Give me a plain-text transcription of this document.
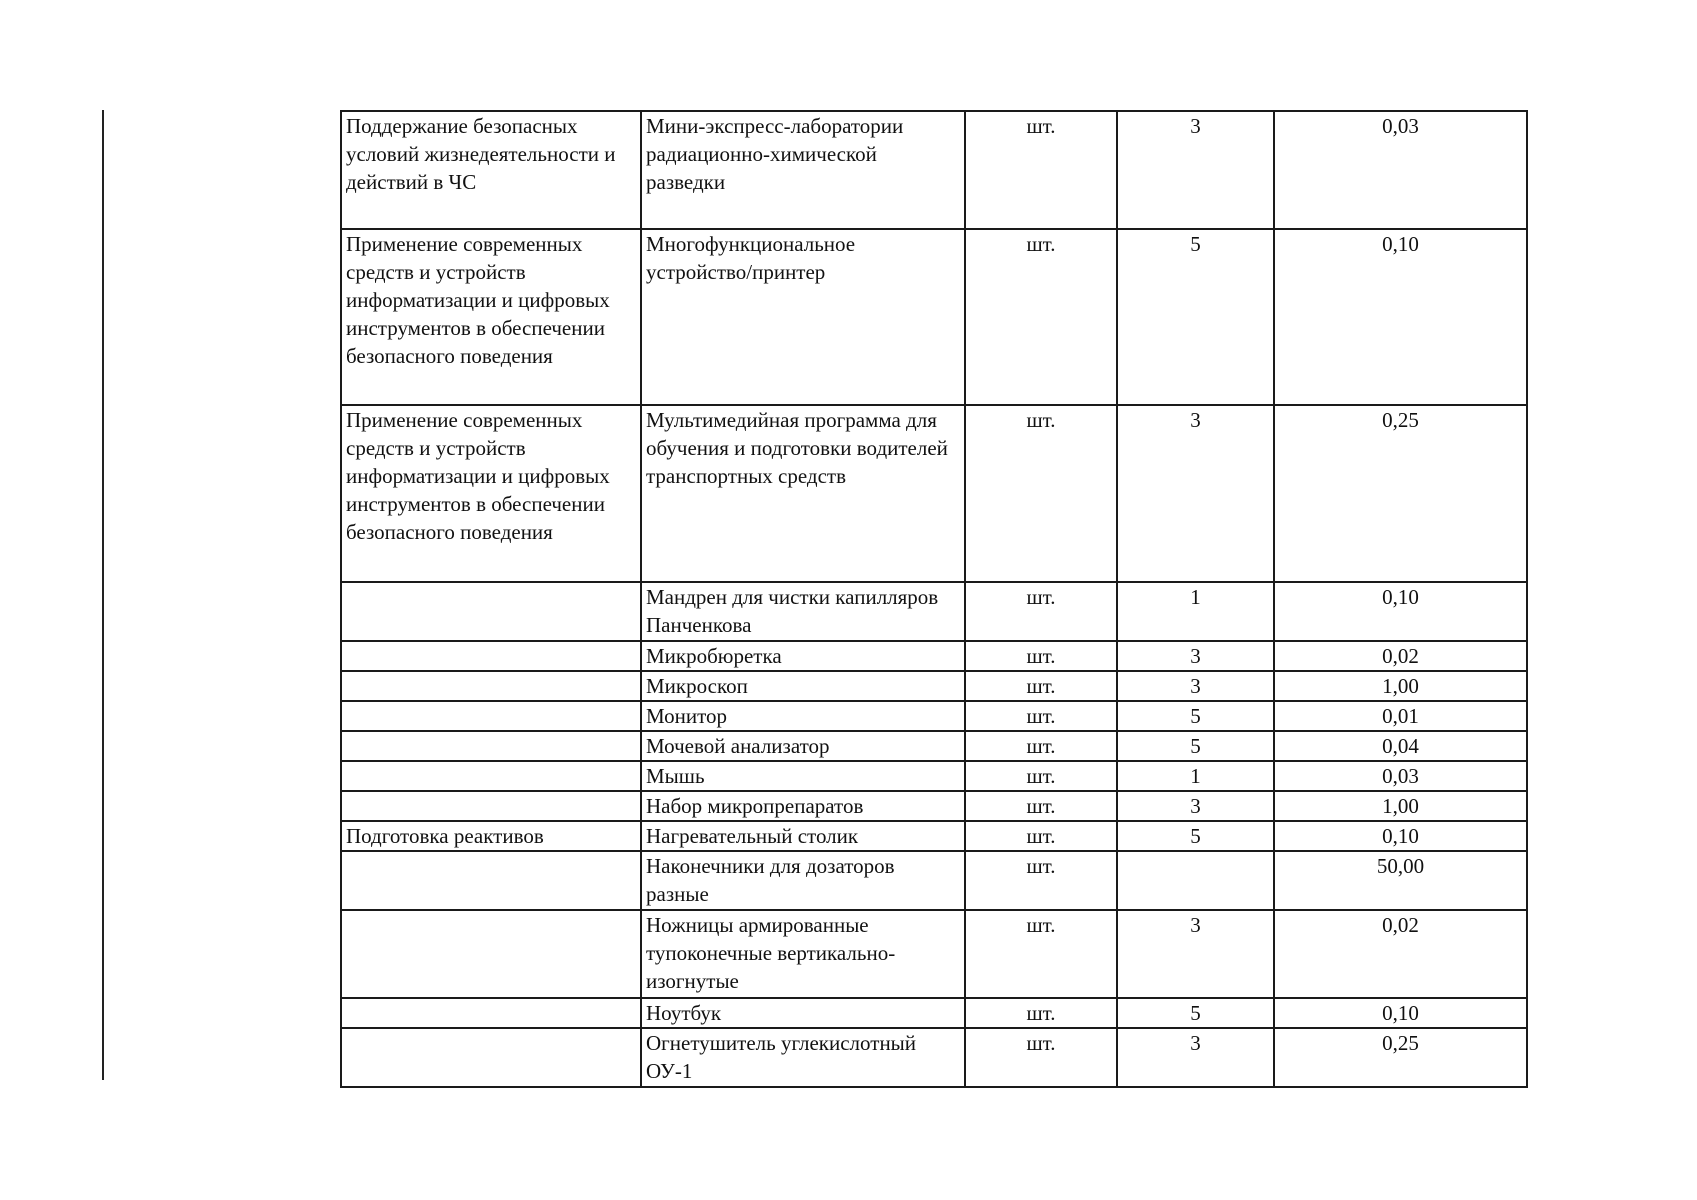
Поддержание безопасных условий жизнедеятельности и действий в ЧС	Мини-экспресс-лаборатории радиационно-химической разведки	шт.	3	0,03
Применение современных средств и устройств информатизации и цифровых инструментов в обеспечении безопасного поведения	Многофункциональное устройство/принтер	шт.	5	0,10
Применение современных средств и устройств информатизации и цифровых инструментов в обеспечении безопасного поведения	Мультимедийная программа для обучения и подготовки водителей транспортных средств	шт.	3	0,25
	Мандрен для чистки капилляров Панченкова	шт.	1	0,10
	Микробюретка	шт.	3	0,02
	Микроскоп	шт.	3	1,00
	Монитор	шт.	5	0,01
	Мочевой анализатор	шт.	5	0,04
	Мышь	шт.	1	0,03
	Набор микропрепаратов	шт.	3	1,00
Подготовка реактивов	Нагревательный столик	шт.	5	0,10
	Наконечники для дозаторов разные	шт.		50,00
	Ножницы армированные тупоконечные вертикально-изогнутые	шт.	3	0,02
	Ноутбук	шт.	5	0,10
	Огнетушитель углекислотный ОУ-1	шт.	3	0,25
